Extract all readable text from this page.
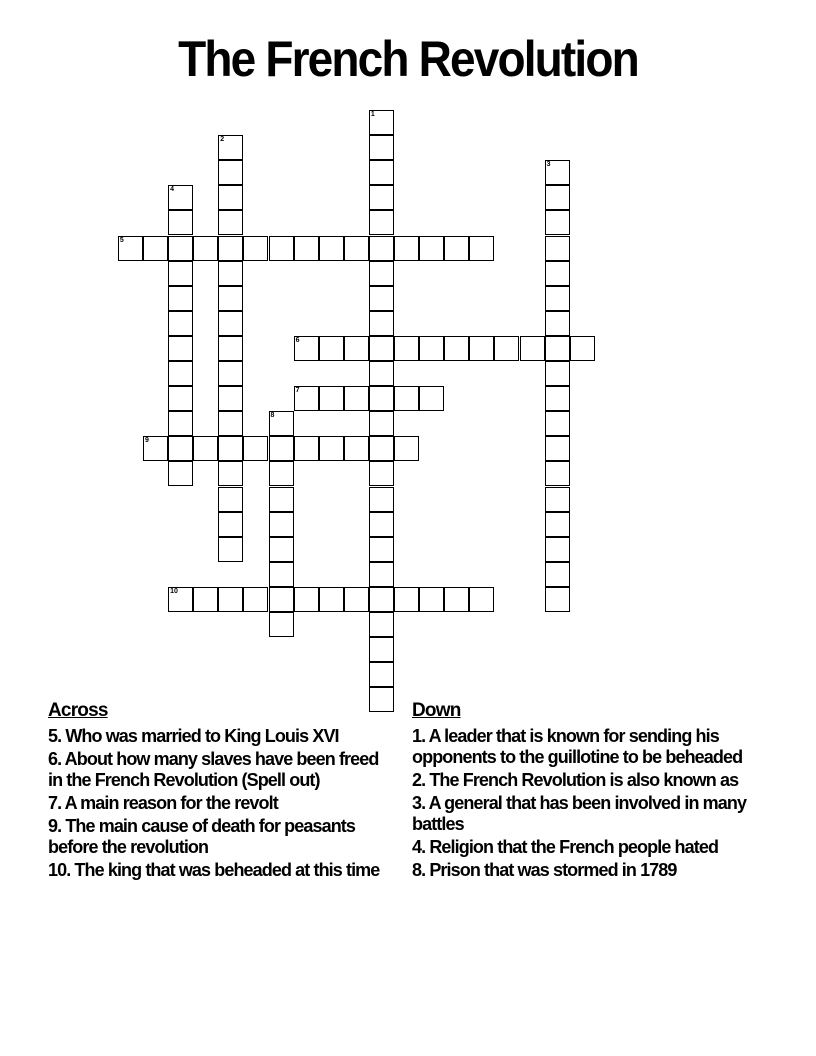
The French Revolution
1
2
3
4
5
6
7
8
9
10
Across
5. Who was married to King Louis XVI
6. About how many slaves have been freed in the French Revolution (Spell out)
7. A main reason for the revolt
9. The main cause of death for peasants before the revolution
10. The king that was beheaded at this time
Down
1. A leader that is known for sending his opponents to the guillotine to be beheaded
2. The French Revolution is also known as
3. A general that has been involved in many battles
4. Religion that the French people hated
8. Prison that was stormed in 1789
